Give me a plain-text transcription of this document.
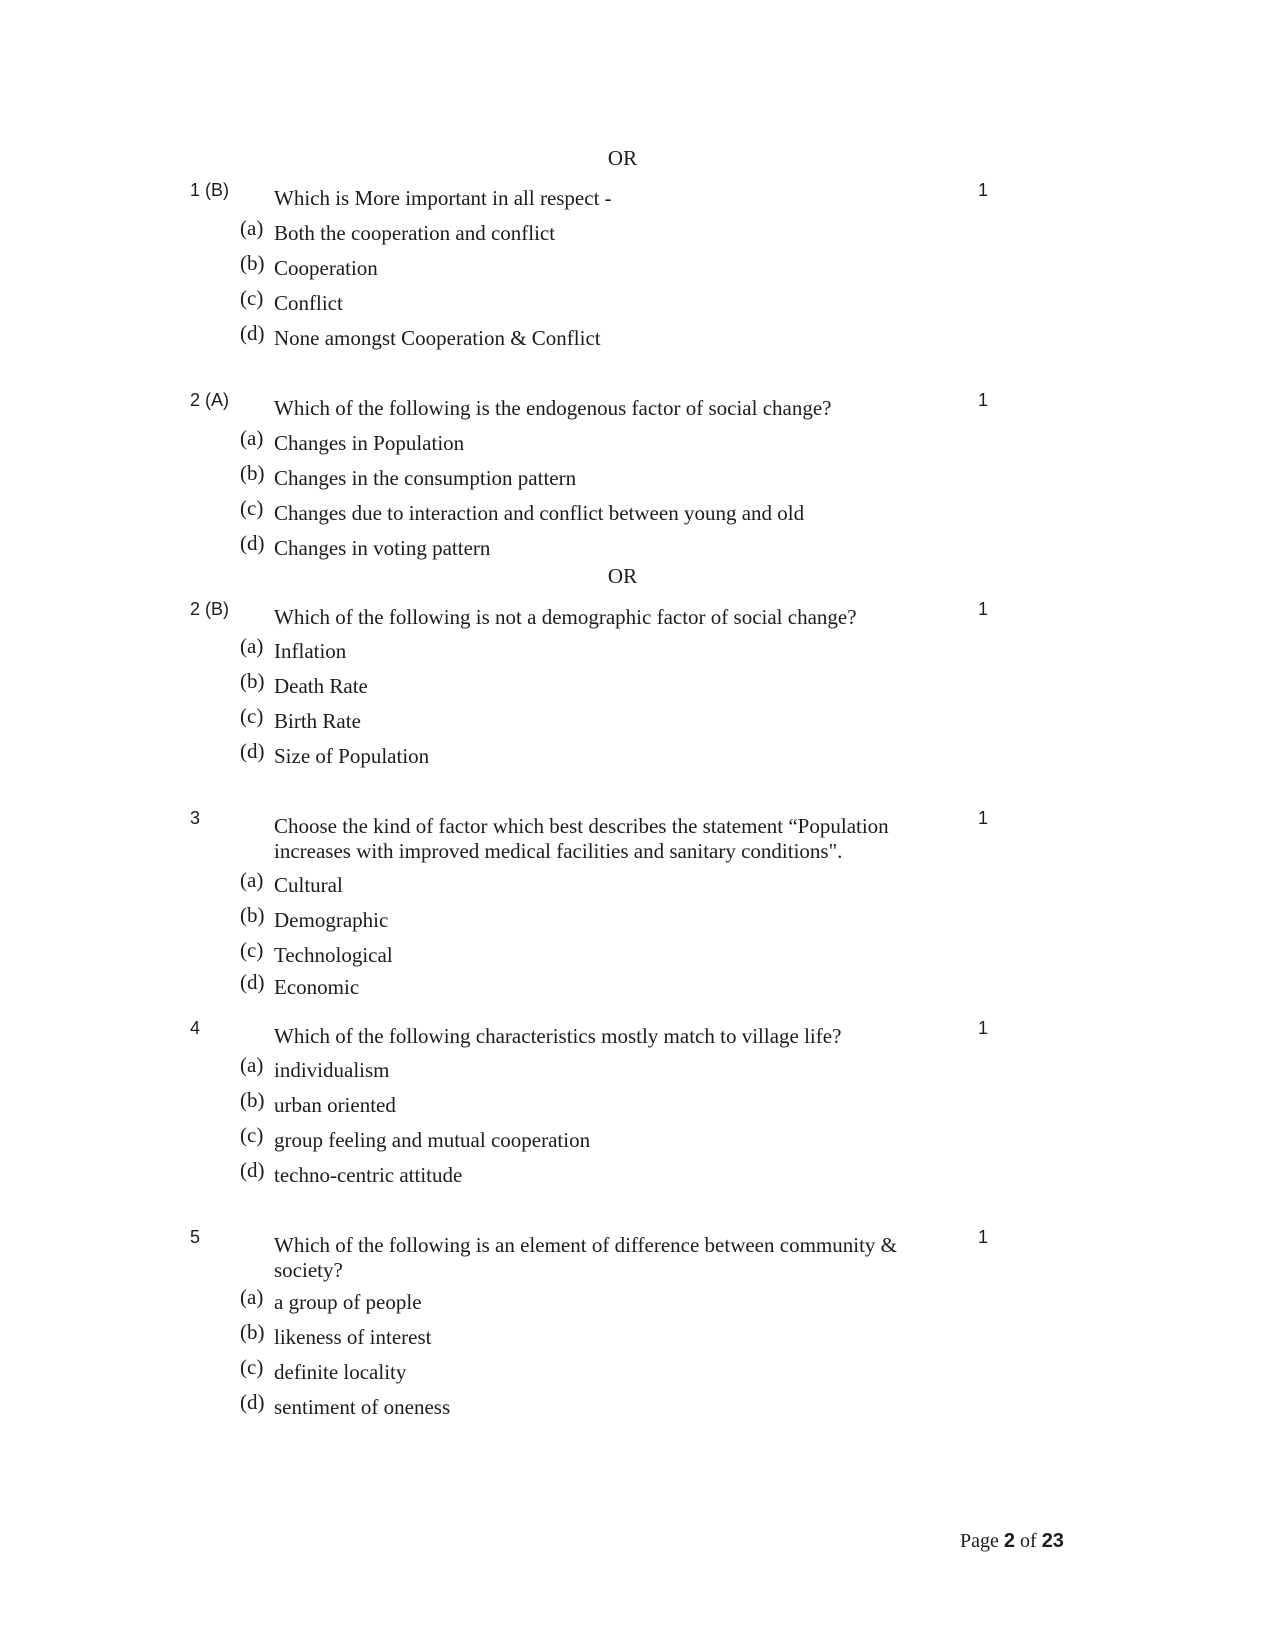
OR
1 (B) Which is More important in all respect -	1
(a) Both the cooperation and conflict
(b) Cooperation
(c) Conflict
(d) None amongst Cooperation & Conflict
2 (A) Which of the following is the endogenous factor of social change?	1
(a) Changes in Population
(b) Changes in the consumption pattern
(c) Changes due to interaction and conflict between young and old
(d) Changes in voting pattern
OR
2 (B) Which of the following is not a demographic factor of social change?	1
(a) Inflation
(b) Death Rate
(c) Birth Rate
(d) Size of Population
3	Choose the kind of factor which best describes the statement “Population increases with improved medical facilities and sanitary conditions".
1
(a) Cultural
(b) Demographic
(c) Technological
(d) Economic
4	Which of the following characteristics mostly match to village life?	1
(a) individualism
(b) urban oriented
(c) group feeling and mutual cooperation
(d) techno-centric attitude
5	Which of the following is an element of difference between community & society?
1
(a) a group of people
(b) likeness of interest
(c) definite locality
(d) sentiment of oneness
Page 2 of 23
